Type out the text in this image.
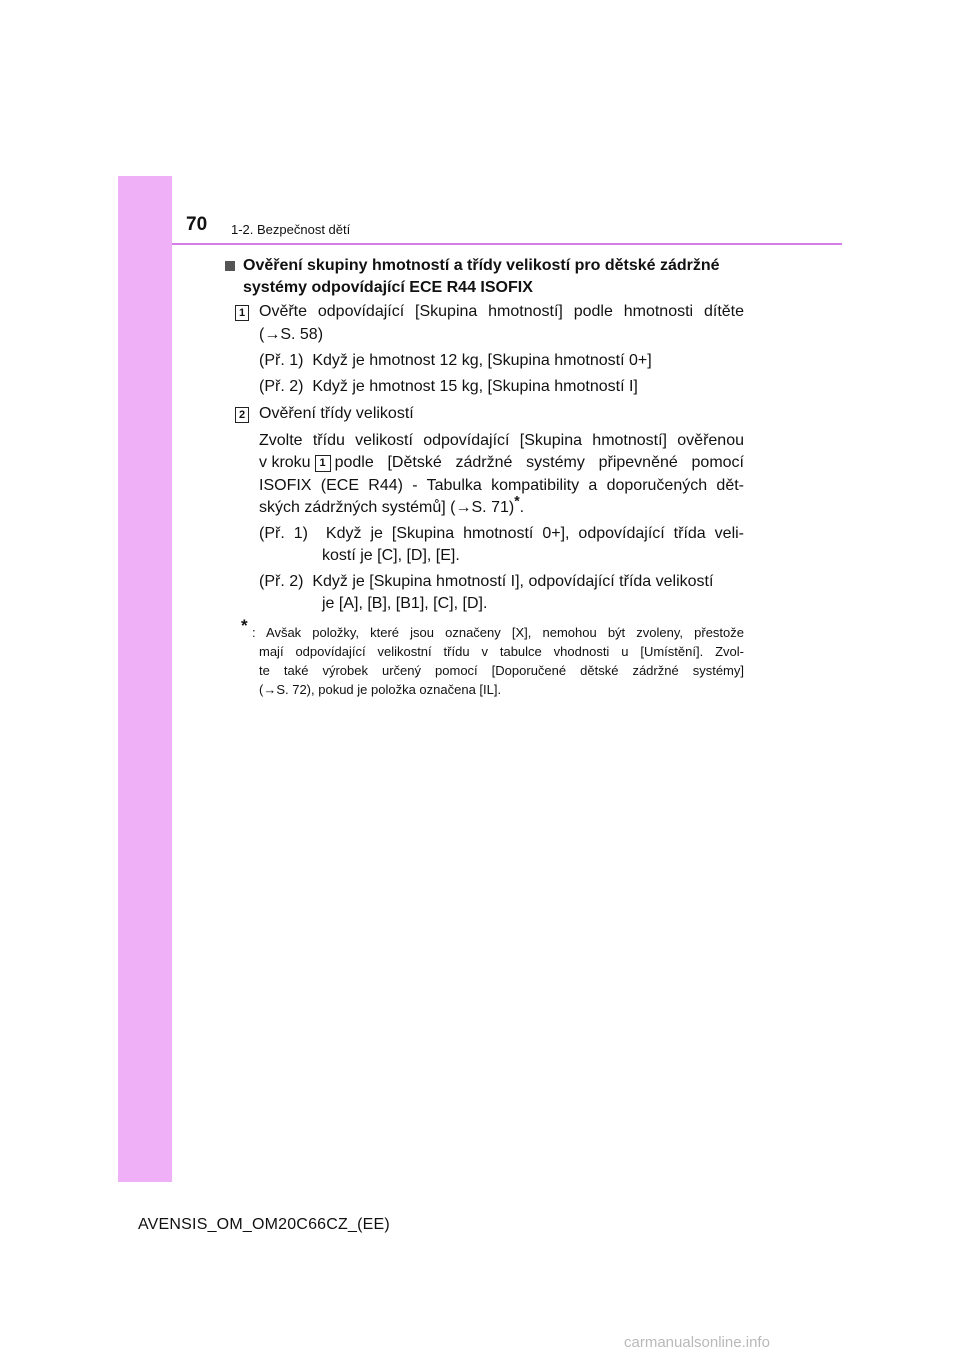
70 1-2. Bezpečnost dětí
Ověření skupiny hmotností a třídy velikostí pro dětské zádržné
systémy odpovídající ECE R44 ISOFIX
1 Ověřte odpovídající [Skupina hmotností] podle hmotnosti dítěte
(→S. 58)
(Př. 1)  Když je hmotnost 12 kg, [Skupina hmotností 0+]
(Př. 2)  Když je hmotnost 15 kg, [Skupina hmotností I]
2 Ověření třídy velikostí
Zvolte třídu velikostí odpovídající [Skupina hmotností] ověřenou
v kroku 1 podle [Dětské zádržné systémy připevněné pomocí
ISOFIX (ECE R44) - Tabulka kompatibility a doporučených dět-
ských zádržných systémů] (→S. 71)*.
(Př. 1)  Když je [Skupina hmotností 0+], odpovídající třída veli-
kostí je [C], [D], [E].
(Př. 2)  Když je [Skupina hmotností I], odpovídající třída velikostí
je [A], [B], [B1], [C], [D].
* : Avšak položky, které jsou označeny [X], nemohou být zvoleny, přestože
mají odpovídající velikostní třídu v tabulce vhodnosti u [Umístění]. Zvol-
te také výrobek určený pomocí [Doporučené dětské zádržné systémy]
(→S. 72), pokud je položka označena [IL].
AVENSIS_OM_OM20C66CZ_(EE)
carmanualsonline.info
